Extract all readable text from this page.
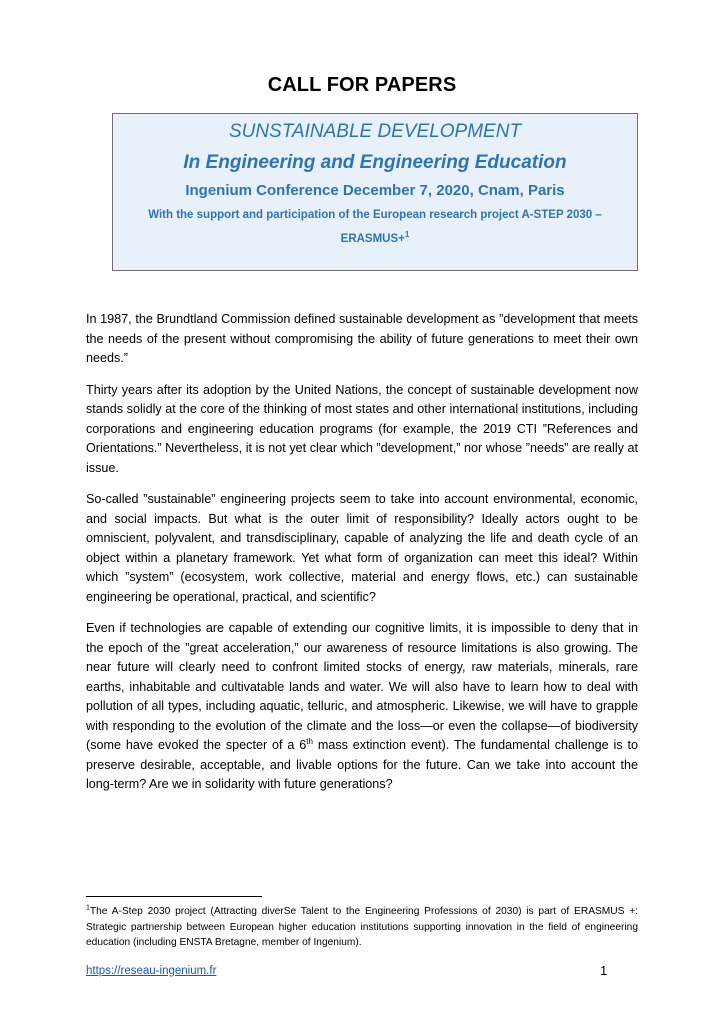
CALL FOR PAPERS
SUNSTAINABLE DEVELOPMENT
In Engineering and Engineering Education
Ingenium Conference December 7, 2020, Cnam, Paris
With the support and participation of the European research project A-STEP 2030 – ERASMUS+$^1$

In 1987, the Brundtland Commission defined sustainable development as ”development that meets the needs of the present without compromising the ability of future generations to meet their own needs.”

Thirty years after its adoption by the United Nations, the concept of sustainable development now stands solidly at the core of the thinking of most states and other international institutions, including corporations and engineering education programs (for example, the 2019 CTI ”References and Orientations.” Nevertheless, it is not yet clear which ”development,” nor whose ”needs” are really at issue.

So-called ”sustainable” engineering projects seem to take into account environmental, economic, and social impacts. But what is the outer limit of responsibility? Ideally actors ought to be omniscient, polyvalent, and transdisciplinary, capable of analyzing the life and death cycle of an object within a planetary framework. Yet what form of organization can meet this ideal? Within which ”system” (ecosystem, work collective, material and energy flows, etc.) can sustainable engineering be operational, practical, and scientific?

Even if technologies are capable of extending our cognitive limits, it is impossible to deny that in the epoch of the ”great acceleration,” our awareness of resource limitations is also growing. The near future will clearly need to confront limited stocks of energy, raw materials, minerals, rare earths, inhabitable and cultivatable lands and water. We will also have to learn how to deal with pollution of all types, including aquatic, telluric, and atmospheric. Likewise, we will have to grapple with responding to the evolution of the climate and the loss—or even the collapse—of biodiversity (some have evoked the specter of a 6th mass extinction event). The fundamental challenge is to preserve desirable, acceptable, and livable options for the future. Can we take into account the long-term? Are we in solidarity with future generations?

$^1$The A-Step 2030 project (Attracting diverSe Talent to the Engineering Professions of 2030) is part of ERASMUS +: Strategic partnership between European higher education institutions supporting innovation in the field of engineering education (including ENSTA Bretagne, member of Ingenium).
https://reseau-ingenium.fr	1
